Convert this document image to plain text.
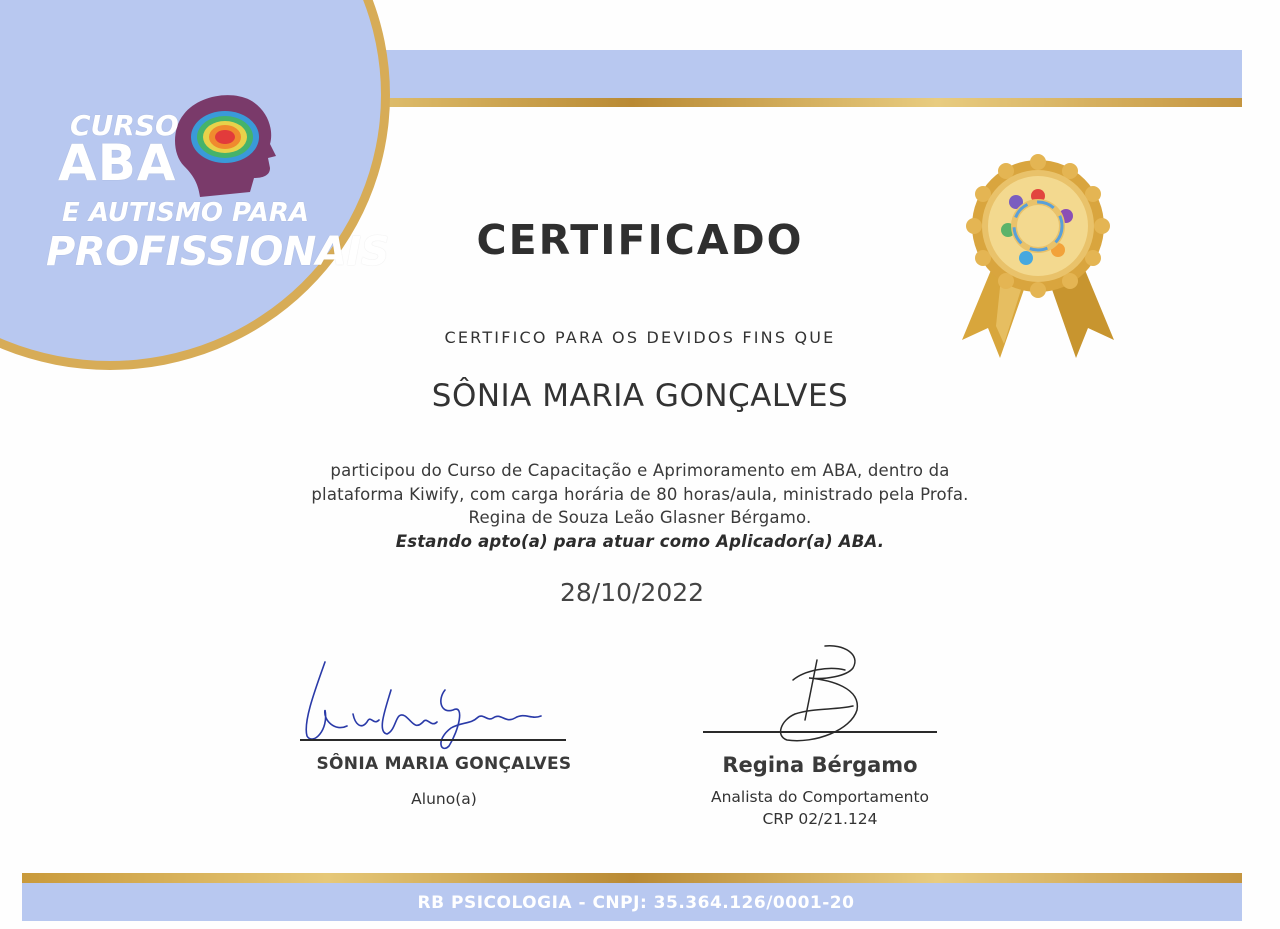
CURSO
ABA
E AUTISMO PARA
PROFISSIONAIS	CERTIFICADO
CERTIFICO PARA OS DEVIDOS FINS QUE
SÔNIA MARIA GONÇALVES
participou do Curso de Capacitação e Aprimoramento em ABA, dentro da
plataforma Kiwify, com carga horária de 80 horas/aula, ministrado pela Profa.
Regina de Souza Leão Glasner Bérgamo.
Estando apto(a) para atuar como Aplicador(a) ABA.
28/10/2022
SÔNIA MARIA GONÇALVES
Aluno(a)
Regina Bérgamo
Analista do Comportamento
CRP 02/21.124
RB PSICOLOGIA - CNPJ: 35.364.126/0001-20
